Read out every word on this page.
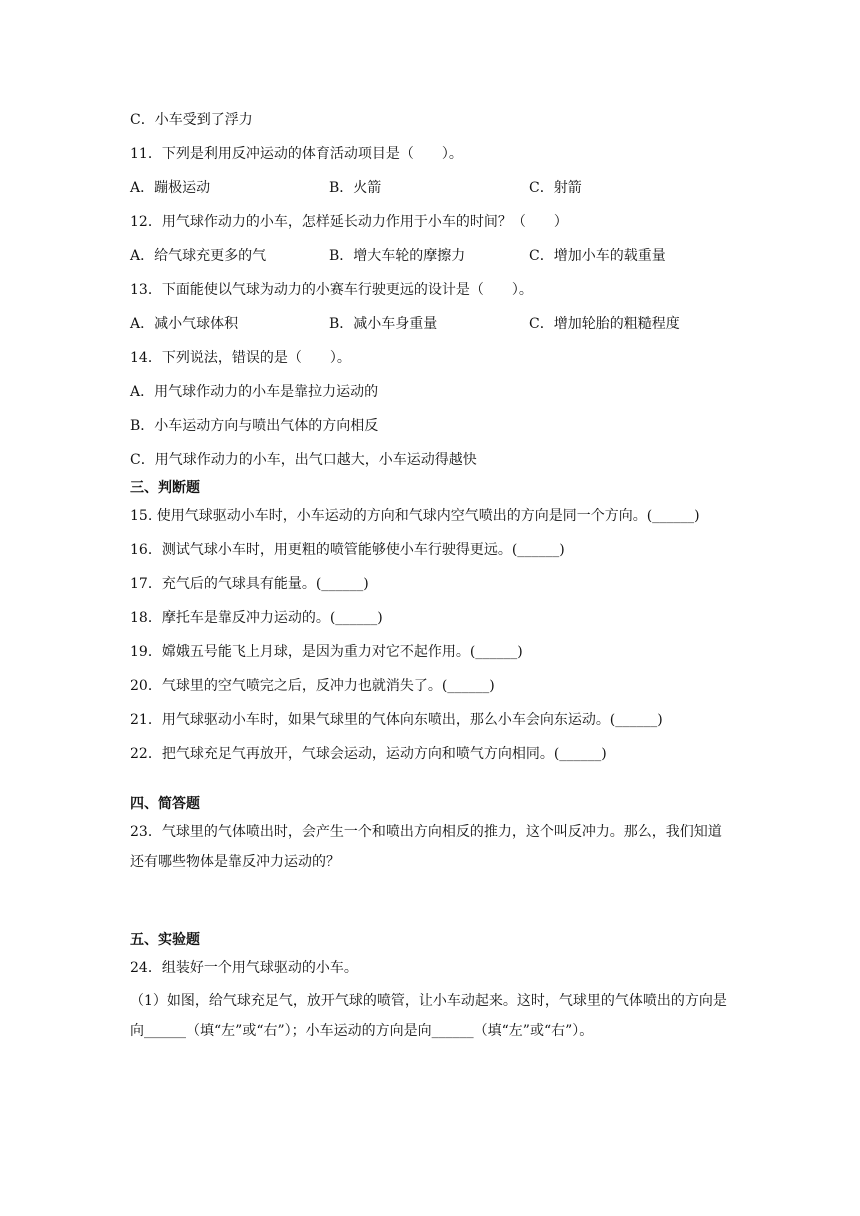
C．小车受到了浮力
11．下列是利用反冲运动的体育活动项目是（　　）。
A．蹦极运动	B．火箭	C．射箭
12．用气球作动力的小车，怎样延长动力作用于小车的时间？（　　）
A．给气球充更多的气	B．增大车轮的摩擦力	C．增加小车的载重量
13．下面能使以气球为动力的小赛车行驶更远的设计是（　　）。
A．减小气球体积	B．减小车身重量	C．增加轮胎的粗糙程度
14．下列说法，错误的是（　　）。
A．用气球作动力的小车是靠拉力运动的
B．小车运动方向与喷出气体的方向相反
C．用气球作动力的小车，出气口越大，小车运动得越快
三、判断题
15. 使用气球驱动小车时，小车运动的方向和气球内空气喷出的方向是同一个方向。(______)
16．测试气球小车时，用更粗的喷管能够使小车行驶得更远。(______)
17．充气后的气球具有能量。(______)
18．摩托车是靠反冲力运动的。(______)
19．嫦娥五号能飞上月球，是因为重力对它不起作用。(______)
20．气球里的空气喷完之后，反冲力也就消失了。(______)
21．用气球驱动小车时，如果气球里的气体向东喷出，那么小车会向东运动。(______)
22．把气球充足气再放开，气球会运动，运动方向和喷气方向相同。(______)
四、简答题
23．气球里的气体喷出时，会产生一个和喷出方向相反的推力，这个叫反冲力。那么，我们知道还有哪些物体是靠反冲力运动的？
五、实验题
24．组装好一个用气球驱动的小车。
（1）如图，给气球充足气，放开气球的喷管，让小车动起来。这时，气球里的气体喷出的方向是向______（填“左”或“右”）；小车运动的方向是向______（填“左”或“右”）。
